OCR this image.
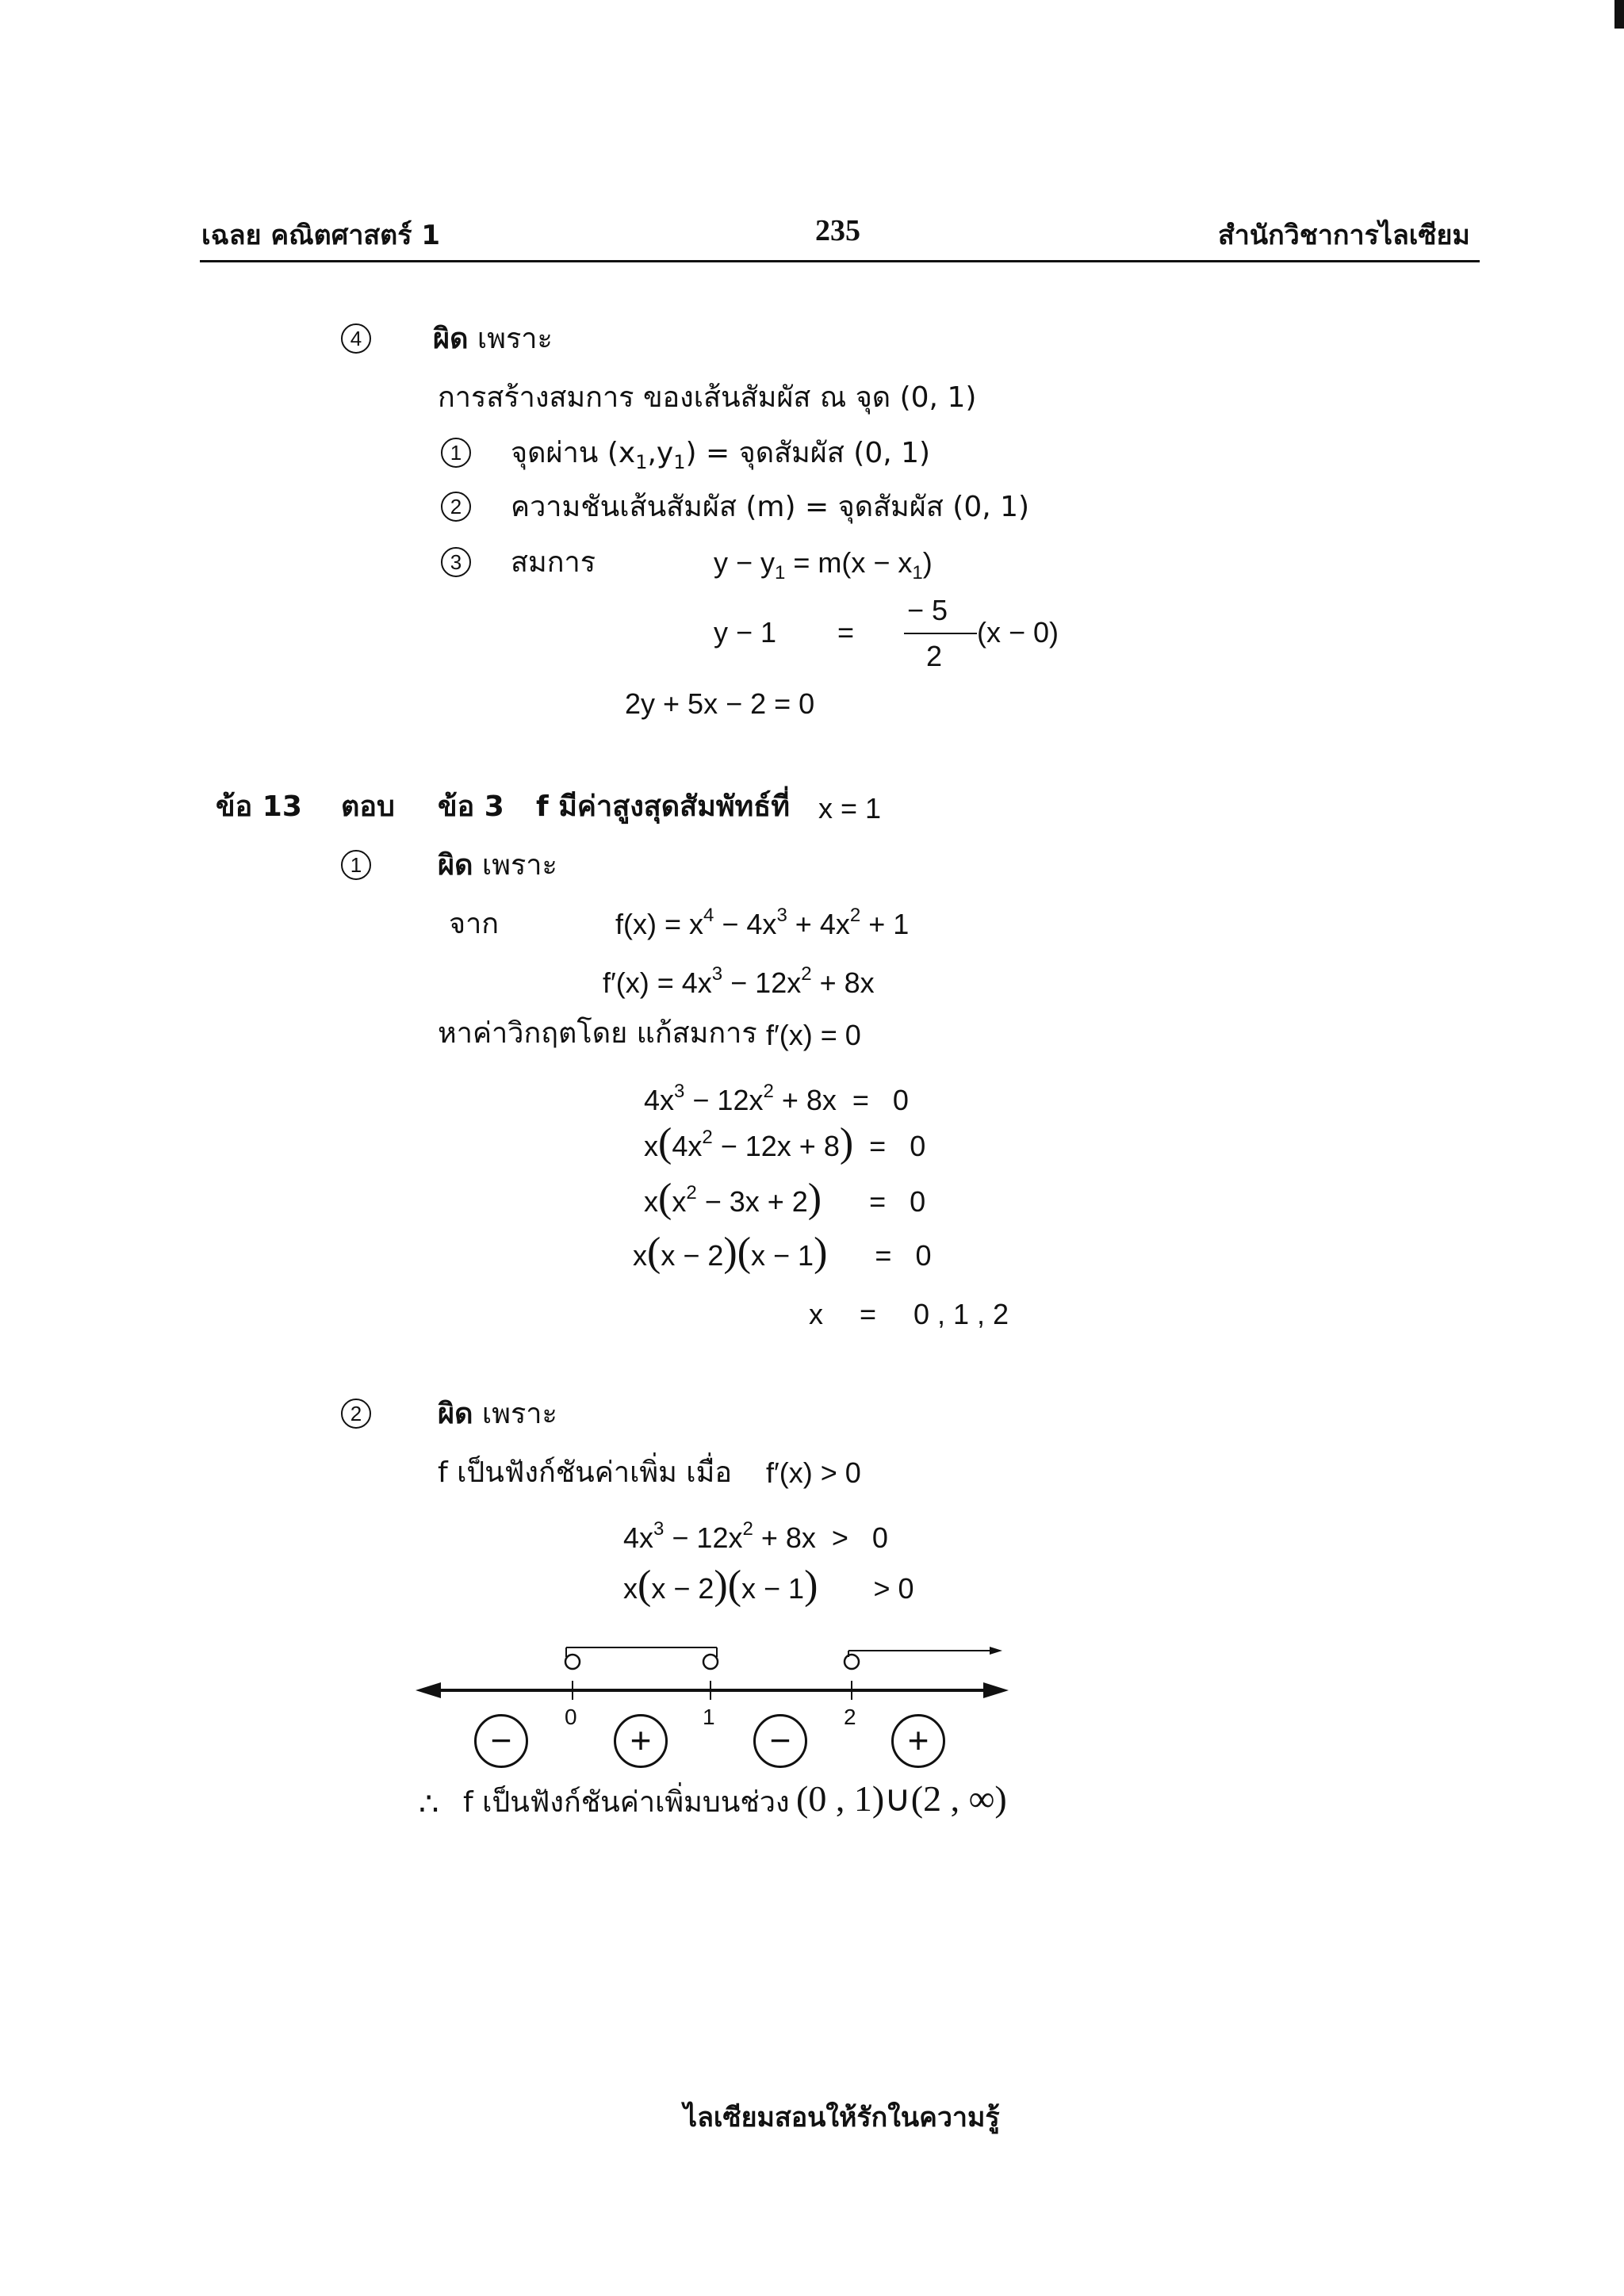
เฉลย คณิตศาสตร์ 1	235	สำนักวิชาการไลเซียม
4	ผิด เพราะ
การสร้างสมการ ของเส้นสัมผัส ณ จุด (0, 1)
1	จุดผ่าน $(x_1,y_1)$ = จุดสัมผัส (0, 1)
2	ความชันเส้นสัมผัส (m) = จุดสัมผัส (0, 1)
3	สมการ	$y - y_1 = m(x - x_1)$
y − 1 =
− 5
2
(x − 0)
2y + 5x − 2 = 0
ข้อ 13 ตอบ ข้อ 3 f มีค่าสูงสุดสัมพัทธ์ที่ x = 1
1	ผิด เพราะ
จาก	$f(x) = x^4 - 4x^3 + 4x^2 + 1$
$f'(x) = 4x^3 - 12x^2 + 8x$
หาค่าวิกฤตโดย แก้สมการ f′(x) = 0
$4x^3 - 12x^2 + 8x = 0$
$x(4x^2 - 12x + 8) = 0$
$x(x^2 - 3x + 2)$      =   0
x(x − 2)(x − 1)      =   0
x = 0 , 1 , 2
2	ผิด เพราะ
f เป็นฟังก์ชันค่าเพิ่ม เมื่อ f′(x) > 0
$4x^3 - 12x^2 + 8x > 0$
x(x − 2)(x − 1) > 0
0	1	2
−	+	−	+
∴ f เป็นฟังก์ชันค่าเพิ่มบนช่วง (0 , 1)∪(2 , ∞)
ไลเซียมสอนให้รักในความรู้
